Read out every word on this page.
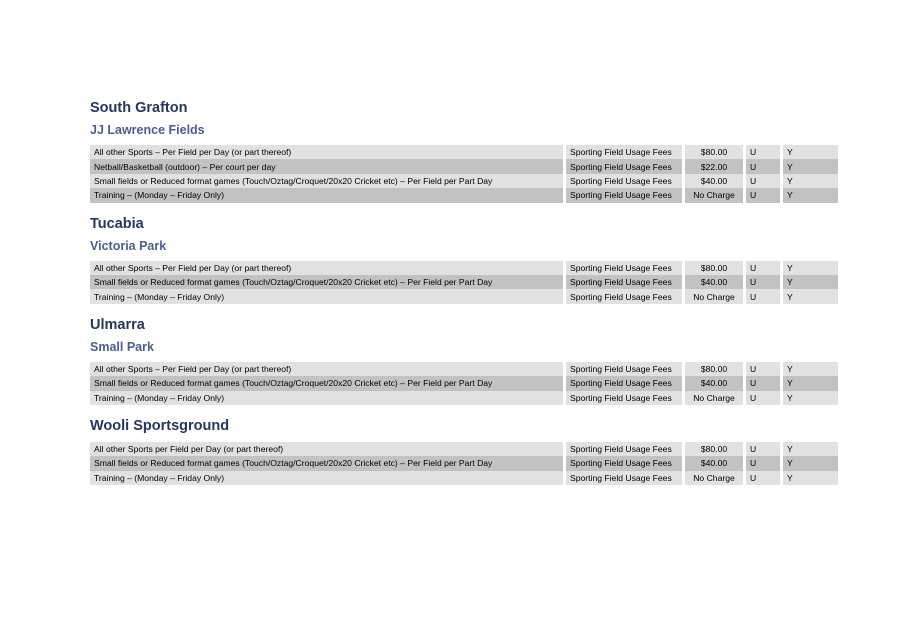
South Grafton
JJ Lawrence Fields
All other Sports – Per Field per Day (or part thereof)	Sporting Field Usage Fees	$80.00	U	Y
Netball/Basketball (outdoor) – Per court per day	Sporting Field Usage Fees	$22.00	U	Y
Small fields or Reduced format games (Touch/Oztag/Croquet/20x20 Cricket etc) – Per Field per Part Day	Sporting Field Usage Fees	$40.00	U	Y
Training – (Monday – Friday Only)	Sporting Field Usage Fees	No Charge	U	Y
Tucabia
Victoria Park
All other Sports – Per Field per Day (or part thereof)	Sporting Field Usage Fees	$80.00	U	Y
Small fields or Reduced format games (Touch/Oztag/Croquet/20x20 Cricket etc) – Per Field per Part Day	Sporting Field Usage Fees	$40.00	U	Y
Training – (Monday – Friday Only)	Sporting Field Usage Fees	No Charge	U	Y
Ulmarra
Small Park
All other Sports – Per Field per Day (or part thereof)	Sporting Field Usage Fees	$80.00	U	Y
Small fields or Reduced format games (Touch/Oztag/Croquet/20x20 Cricket etc) – Per Field per Part Day	Sporting Field Usage Fees	$40.00	U	Y
Training – (Monday – Friday Only)	Sporting Field Usage Fees	No Charge	U	Y
Wooli Sportsground
All other Sports per Field per Day (or part thereof)	Sporting Field Usage Fees	$80.00	U	Y
Small fields or Reduced format games (Touch/Oztag/Croquet/20x20 Cricket etc) – Per Field per Part Day	Sporting Field Usage Fees	$40.00	U	Y
Training – (Monday – Friday Only)	Sporting Field Usage Fees	No Charge	U	Y
